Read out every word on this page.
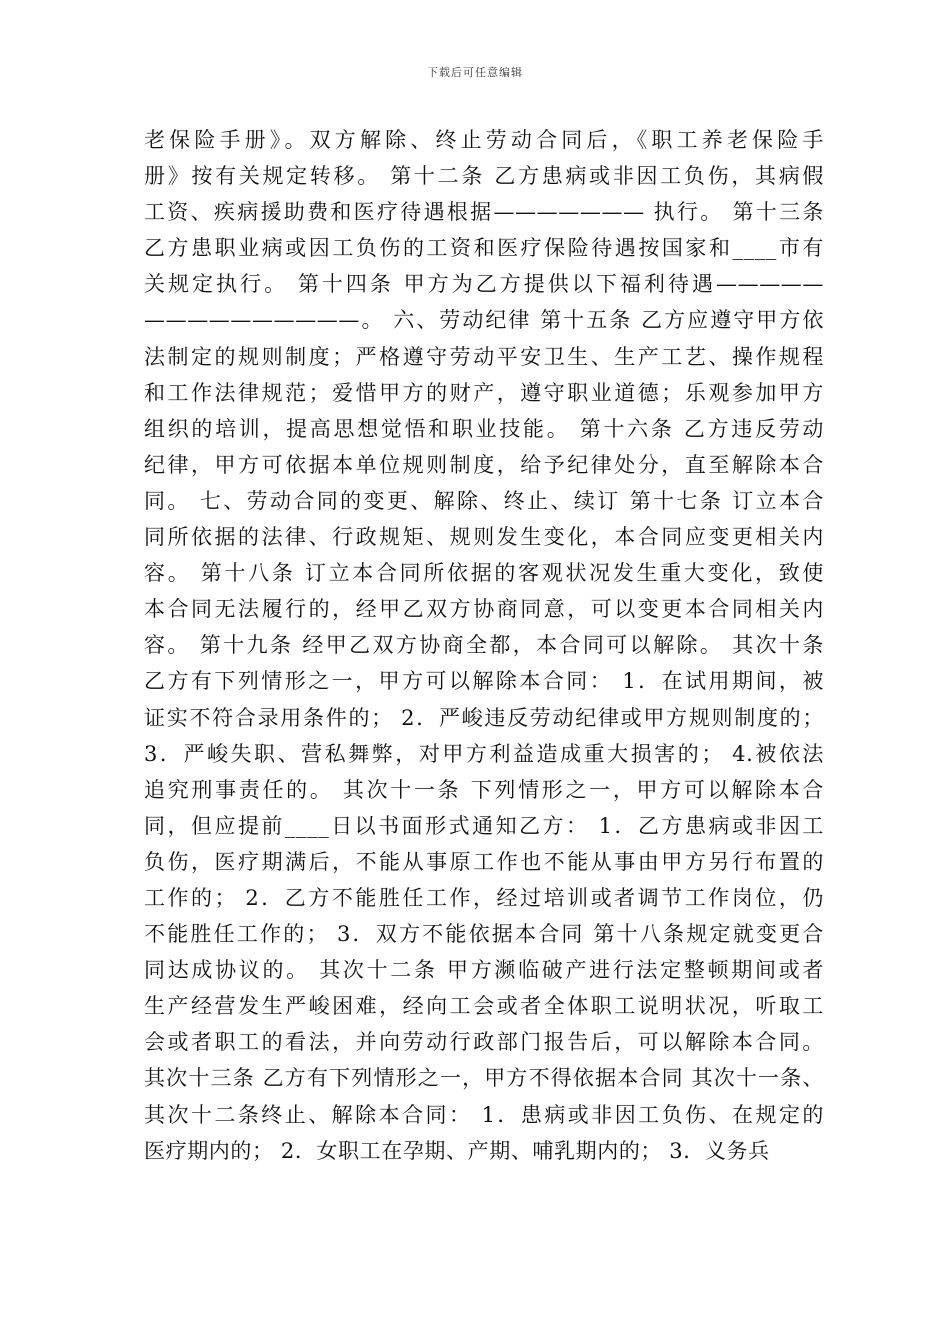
下载后可任意编辑
老保险手册》。双方解除、终止劳动合同后，《职工养老保险手
册》按有关规定转移。 第十二条 乙方患病或非因工负伤，其病假
工资、疾病援助费和医疗待遇根据——————— 执行。 第十三条
乙方患职业病或因工负伤的工资和医疗保险待遇按国家和____市有
关规定执行。 第十四条 甲方为乙方提供以下福利待遇—————
——————————。 六、劳动纪律 第十五条 乙方应遵守甲方依
法制定的规则制度；严格遵守劳动平安卫生、生产工艺、操作规程
和工作法律规范；爱惜甲方的财产，遵守职业道德；乐观参加甲方
组织的培训，提高思想觉悟和职业技能。 第十六条 乙方违反劳动
纪律，甲方可依据本单位规则制度，给予纪律处分，直至解除本合
同。 七、劳动合同的变更、解除、终止、续订 第十七条 订立本合
同所依据的法律、行政规矩、规则发生变化，本合同应变更相关内
容。 第十八条 订立本合同所依据的客观状况发生重大变化，致使
本合同无法履行的，经甲乙双方协商同意，可以变更本合同相关内
容。 第十九条 经甲乙双方协商全都，本合同可以解除。 其次十条
乙方有下列情形之一，甲方可以解除本合同： 1．在试用期间，被
证实不符合录用条件的； 2．严峻违反劳动纪律或甲方规则制度的；
3．严峻失职、营私舞弊，对甲方利益造成重大损害的； 4.被依法
追究刑事责任的。 其次十一条 下列情形之一，甲方可以解除本合
同，但应提前____日以书面形式通知乙方： 1．乙方患病或非因工
负伤，医疗期满后，不能从事原工作也不能从事由甲方另行布置的
工作的； 2．乙方不能胜任工作，经过培训或者调节工作岗位，仍
不能胜任工作的； 3．双方不能依据本合同 第十八条规定就变更合
同达成协议的。 其次十二条 甲方濒临破产进行法定整顿期间或者
生产经营发生严峻困难，经向工会或者全体职工说明状况，听取工
会或者职工的看法，并向劳动行政部门报告后，可以解除本合同。
其次十三条 乙方有下列情形之一，甲方不得依据本合同 其次十一条、
其次十二条终止、解除本合同： 1．患病或非因工负伤、在规定的
医疗期内的； 2．女职工在孕期、产期、哺乳期内的； 3．义务兵
